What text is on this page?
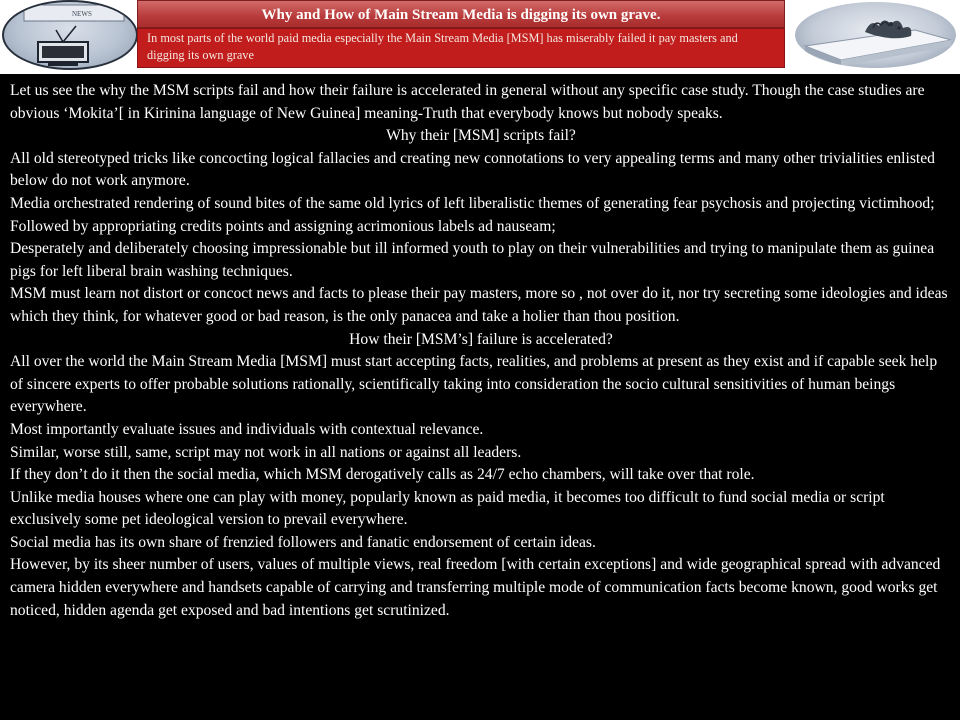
NEWS	Why and How of Main Stream Media is digging its own grave.
In most parts of the world paid media especially the Main Stream Media [MSM] has miserably failed it pay masters and digging its own grave

Let us see the why the MSM scripts fail and how their failure is accelerated in general without any specific case study. Though the case studies are obvious ‘Mokita’[ in Kirinina language of New Guinea] meaning-Truth that everybody knows but nobody speaks.

Why their [MSM] scripts fail?

All old stereotyped tricks like concocting logical fallacies and creating new connotations to very appealing terms and many other trivialities enlisted below do not work anymore.

Media orchestrated rendering of sound bites of the same old lyrics of left liberalistic themes of generating fear psychosis and projecting victimhood;

Followed by appropriating credits points and assigning acrimonious labels ad nauseam;

Desperately and deliberately choosing impressionable but ill informed youth to play on their vulnerabilities and trying to manipulate them as guinea pigs for left liberal brain washing techniques.

MSM must learn not distort or concoct news and facts to please their pay masters, more so , not over do it, nor try secreting some ideologies and ideas which they think, for whatever good or bad reason, is the only panacea and take a holier than thou position.

How their [MSM’s] failure is accelerated?

All over the world the Main Stream Media [MSM] must start accepting facts, realities, and problems at present as they exist and if capable seek help of sincere experts to offer probable solutions rationally, scientifically taking into consideration the socio cultural sensitivities of human beings everywhere.

Most importantly evaluate issues and individuals with contextual relevance.

Similar, worse still, same, script may not work in all nations or against all leaders.

If they don’t do it then the social media, which MSM derogatively calls as 24/7 echo chambers, will take over that role.

Unlike media houses where one can play with money, popularly known as paid media, it becomes too difficult to fund social media or script exclusively some pet ideological version to prevail everywhere.

Social media has its own share of frenzied followers and fanatic endorsement of certain ideas.

However, by its sheer number of users, values of multiple views, real freedom [with certain exceptions] and wide geographical spread with advanced camera hidden everywhere and handsets capable of carrying and transferring multiple mode of communication facts become known, good works get noticed, hidden agenda get exposed and bad intentions get scrutinized.
